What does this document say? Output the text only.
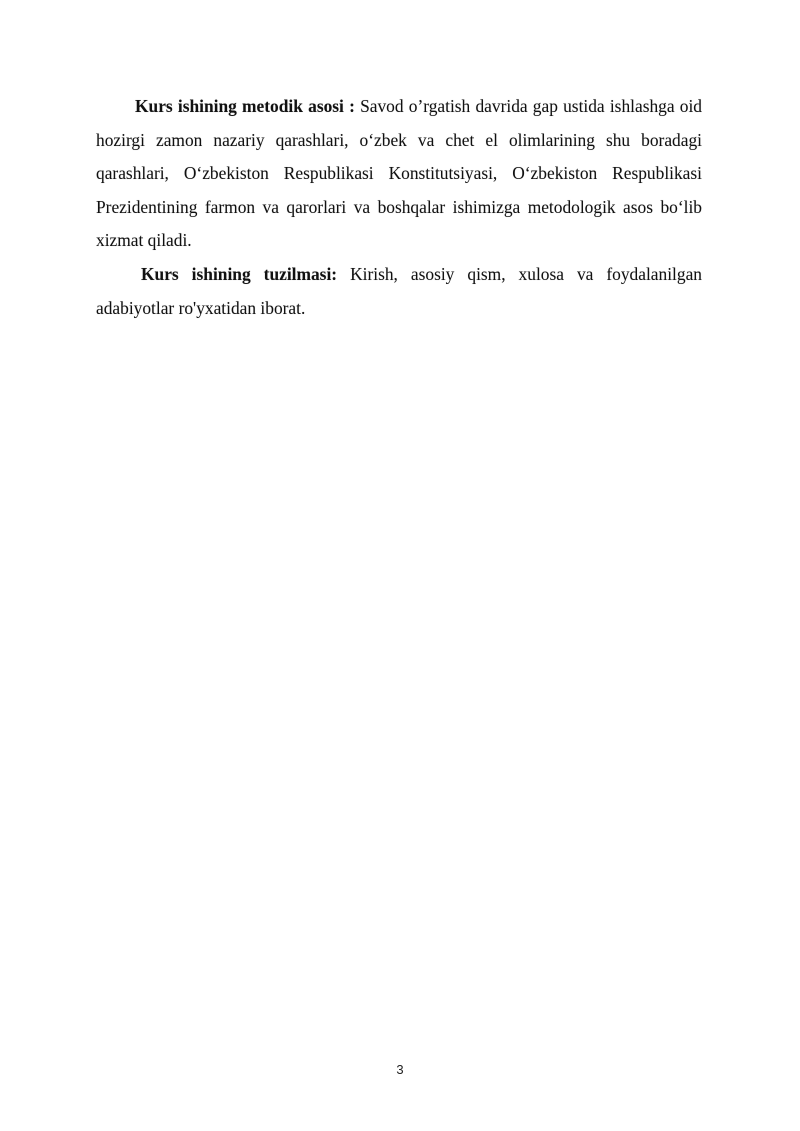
Kurs ishining metodik asosi : Savod o’rgatish davrida gap ustida ishlashga oid hozirgi zamon nazariy qarashlari, o‘zbek va chet el olimlarining shu boradagi qarashlari, O‘zbekiston Respublikasi Konstitutsiyasi, O‘zbekiston Respublikasi Prezidentining farmon va qarorlari va boshqalar ishimizga metodologik asos bo‘lib xizmat qiladi.

Kurs ishining tuzilmasi: Kirish, asosiy qism, xulosa va foydalanilgan adabiyotlar ro'yxatidan iborat.

3
